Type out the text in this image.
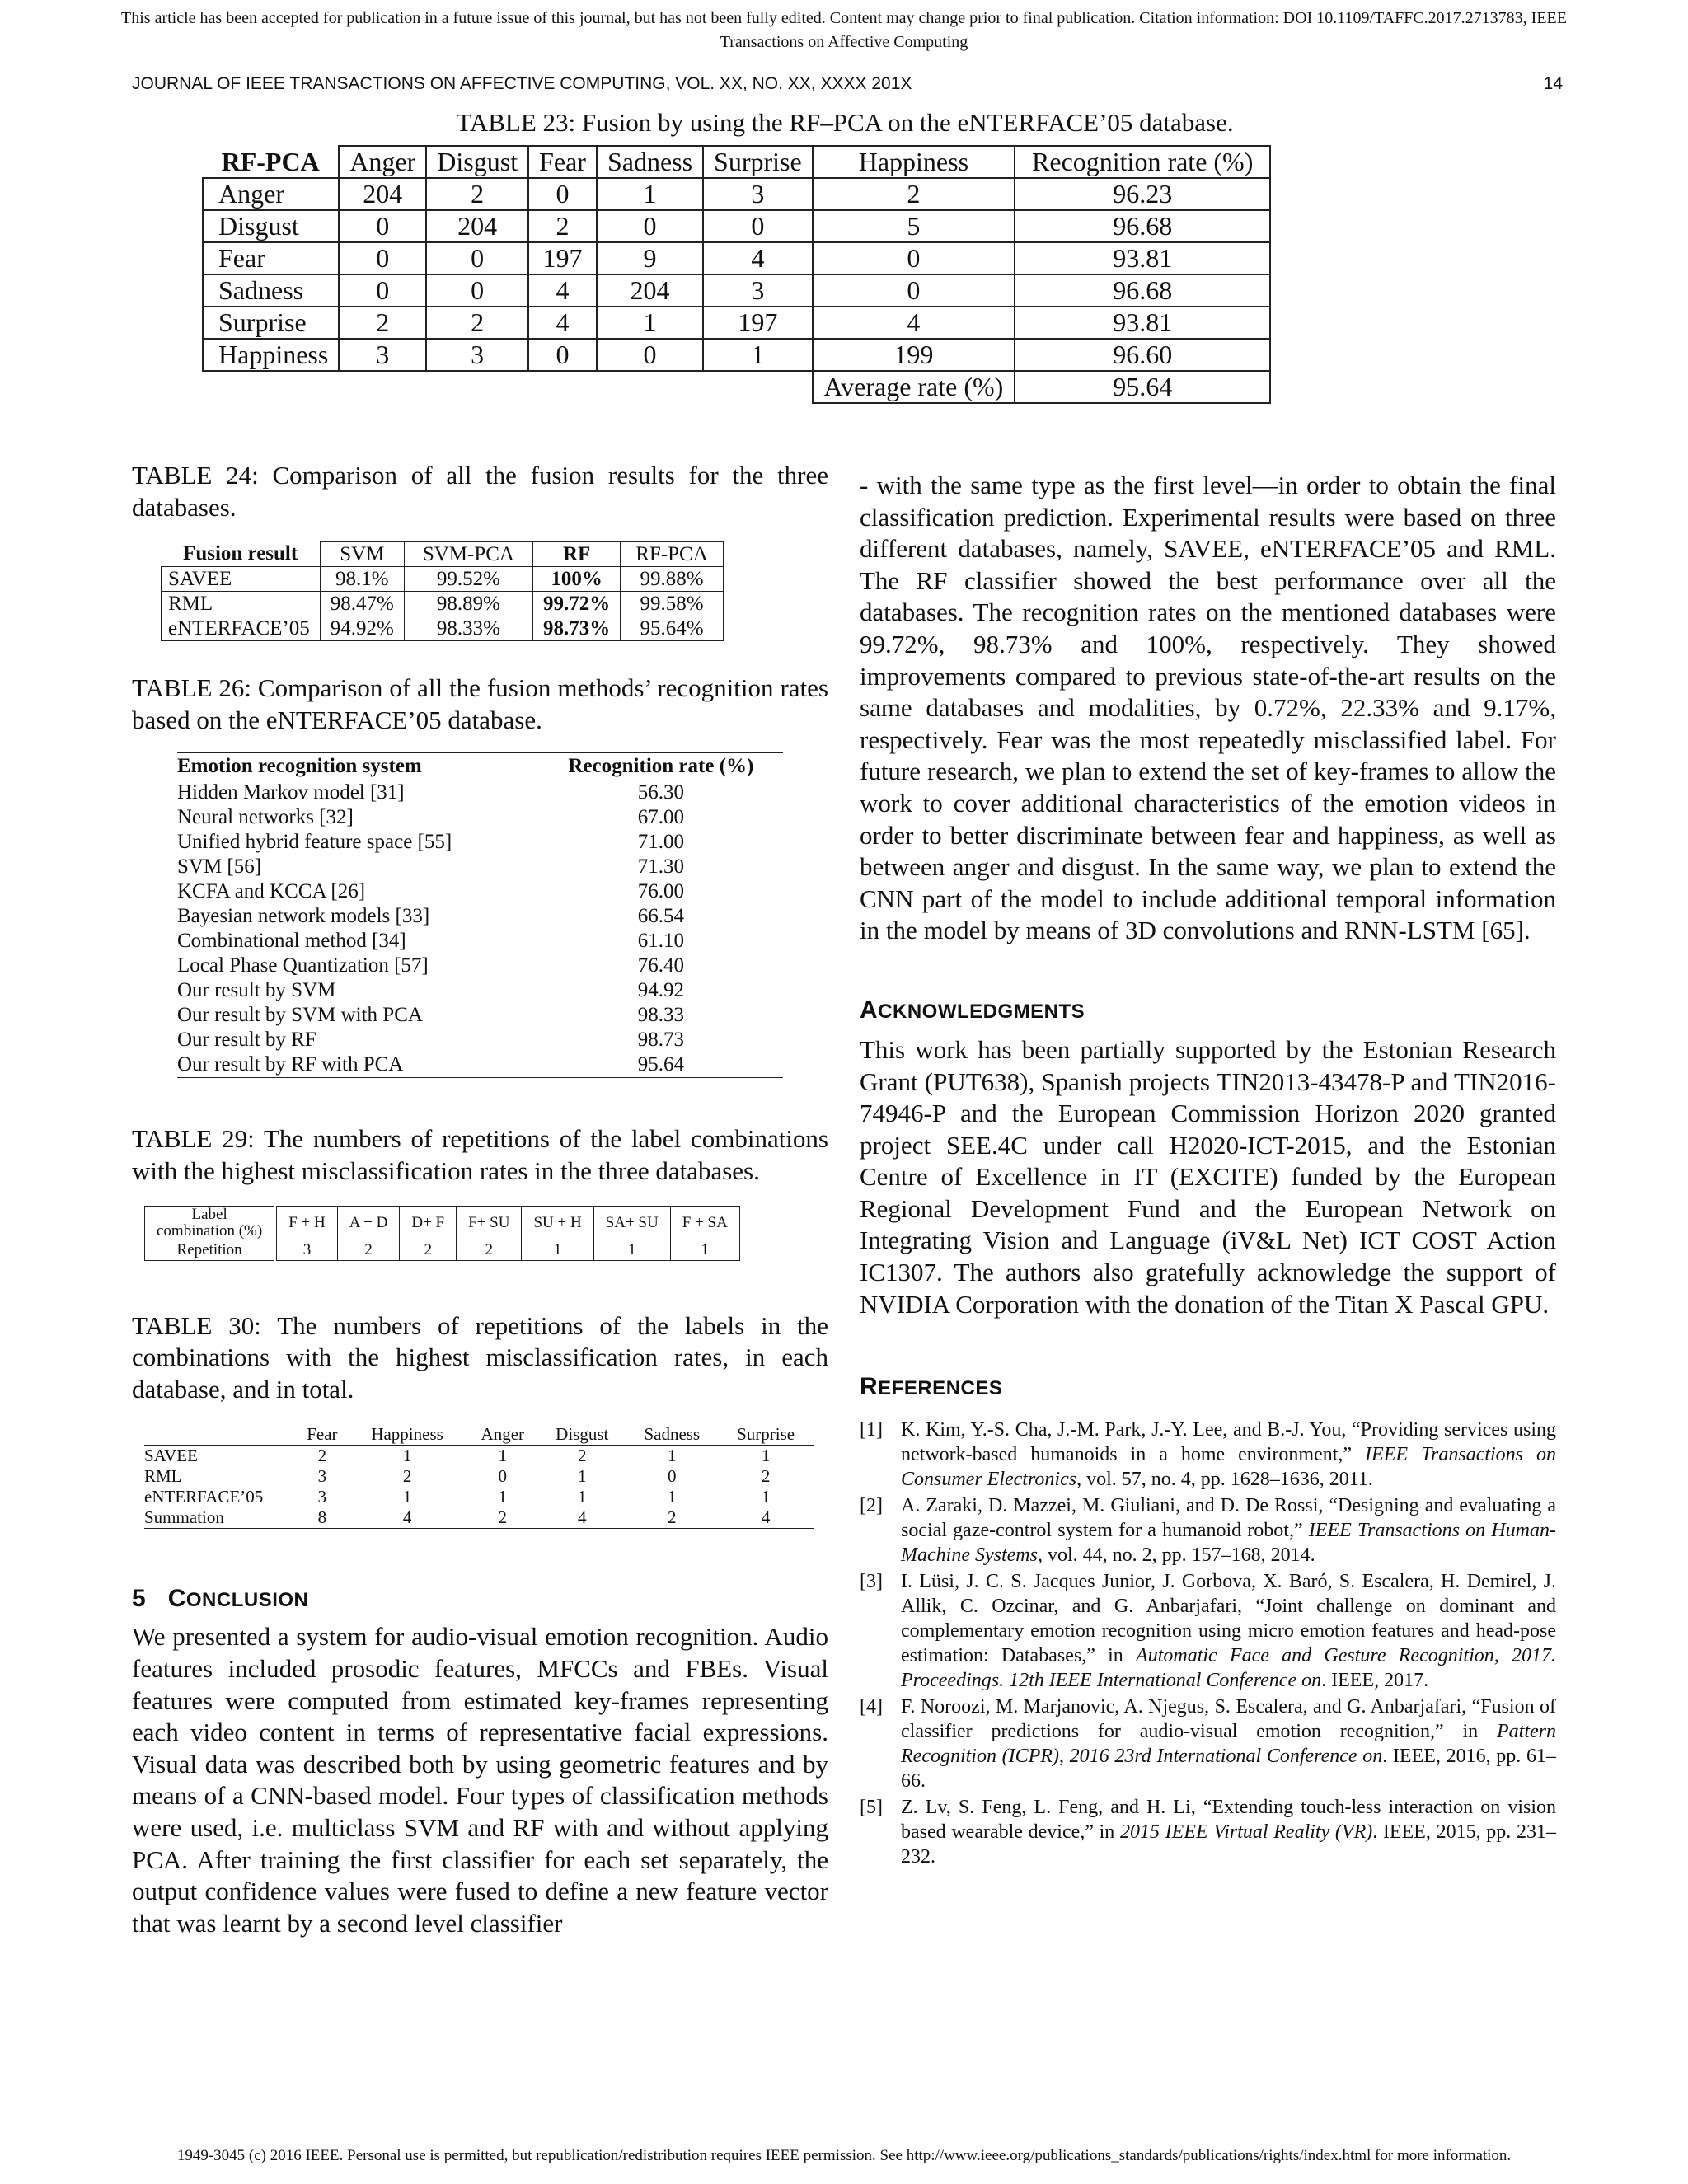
This article has been accepted for publication in a future issue of this journal, but has not been fully edited. Content may change prior to final publication. Citation information: DOI 10.1109/TAFFC.2017.2713783, IEEE
Transactions on Affective Computing
JOURNAL OF IEEE TRANSACTIONS ON AFFECTIVE COMPUTING, VOL. XX, NO. XX, XXXX 201X	14
TABLE 23: Fusion by using the RF–PCA on the eNTERFACE’05 database.
RF-PCA	Anger	Disgust	Fear	Sadness	Surprise	Happiness	Recognition rate (%)
Anger	204	2	0	1	3	2	96.23
Disgust	0	204	2	0	0	5	96.68
Fear	0	0	197	9	4	0	93.81
Sadness	0	0	4	204	3	0	96.68
Surprise	2	2	4	1	197	4	93.81
Happiness	3	3	0	0	1	199	96.60
						Average rate (%)	95.64
TABLE 24: Comparison of all the fusion results for the three databases.
Fusion result	SVM	SVM-PCA	RF	RF-PCA
SAVEE	98.1%	99.52%	100%	99.88%
RML	98.47%	98.89%	99.72%	99.58%
eNTERFACE’05	94.92%	98.33%	98.73%	95.64%
TABLE 26: Comparison of all the fusion methods’ recognition rates based on the eNTERFACE’05 database.
Emotion recognition system	Recognition rate (%)
Hidden Markov model [31]	56.30
Neural networks [32]	67.00
Unified hybrid feature space [55]	71.00
SVM [56]	71.30
KCFA and KCCA [26]	76.00
Bayesian network models [33]	66.54
Combinational method [34]	61.10
Local Phase Quantization [57]	76.40
Our result by SVM	94.92
Our result by SVM with PCA	98.33
Our result by RF	98.73
Our result by RF with PCA	95.64
TABLE 29: The numbers of repetitions of the label combinations with the highest misclassification rates in the three databases.
Label
combination (%)	F + H	A + D	D+ F	F+ SU	SU + H	SA+ SU	F + SA
Repetition	3	2	2	2	1	1	1
TABLE 30: The numbers of repetitions of the labels in the combinations with the highest misclassification rates, in each database, and in total.
	Fear	Happiness	Anger	Disgust	Sadness	Surprise
SAVEE	2	1	1	2	1	1
RML	3	2	0	1	0	2
eNTERFACE’05	3	1	1	1	1	1
Summation	8	4	2	4	2	4
5 CONCLUSION
We presented a system for audio-visual emotion recognition. Audio features included prosodic features, MFCCs and FBEs. Visual features were computed from estimated key-frames representing each video content in terms of representative facial expressions. Visual data was described both by using geometric features and by means of a CNN-based model. Four types of classification methods were used, i.e. multiclass SVM and RF with and without applying PCA. After training the first classifier for each set separately, the output confidence values were fused to define a new feature vector that was learnt by a second level classifier
- with the same type as the first level—in order to obtain the final classification prediction. Experimental results were based on three different databases, namely, SAVEE, eNTERFACE’05 and RML. The RF classifier showed the best performance over all the databases. The recognition rates on the mentioned databases were 99.72%, 98.73% and 100%, respectively. They showed improvements compared to previous state-of-the-art results on the same databases and modalities, by 0.72%, 22.33% and 9.17%, respectively. Fear was the most repeatedly misclassified label. For future research, we plan to extend the set of key-frames to allow the work to cover additional characteristics of the emotion videos in order to better discriminate between fear and happiness, as well as between anger and disgust. In the same way, we plan to extend the CNN part of the model to include additional temporal information in the model by means of 3D convolutions and RNN-LSTM [65].
ACKNOWLEDGMENTS
This work has been partially supported by the Estonian Research Grant (PUT638), Spanish projects TIN2013-43478-P and TIN2016-74946-P and the European Commission Horizon 2020 granted project SEE.4C under call H2020-ICT-2015, and the Estonian Centre of Excellence in IT (EXCITE) funded by the European Regional Development Fund and the European Network on Integrating Vision and Language (iV&L Net) ICT COST Action IC1307. The authors also gratefully acknowledge the support of NVIDIA Corporation with the donation of the Titan X Pascal GPU.
REFERENCES
[1] K. Kim, Y.-S. Cha, J.-M. Park, J.-Y. Lee, and B.-J. You, “Providing services using network-based humanoids in a home environment,” IEEE Transactions on Consumer Electronics, vol. 57, no. 4, pp. 1628–1636, 2011.
[2] A. Zaraki, D. Mazzei, M. Giuliani, and D. De Rossi, “Designing and evaluating a social gaze-control system for a humanoid robot,” IEEE Transactions on Human-Machine Systems, vol. 44, no. 2, pp. 157–168, 2014.
[3] I. Lüsi, J. C. S. Jacques Junior, J. Gorbova, X. Baró, S. Escalera, H. Demirel, J. Allik, C. Ozcinar, and G. Anbarjafari, “Joint challenge on dominant and complementary emotion recognition using micro emotion features and head-pose estimation: Databases,” in Automatic Face and Gesture Recognition, 2017. Proceedings. 12th IEEE International Conference on. IEEE, 2017.
[4] F. Noroozi, M. Marjanovic, A. Njegus, S. Escalera, and G. Anbarjafari, “Fusion of classifier predictions for audio-visual emotion recognition,” in Pattern Recognition (ICPR), 2016 23rd International Conference on. IEEE, 2016, pp. 61–66.
[5] Z. Lv, S. Feng, L. Feng, and H. Li, “Extending touch-less interaction on vision based wearable device,” in 2015 IEEE Virtual Reality (VR). IEEE, 2015, pp. 231–232.
1949-3045 (c) 2016 IEEE. Personal use is permitted, but republication/redistribution requires IEEE permission. See http://www.ieee.org/publications_standards/publications/rights/index.html for more information.
